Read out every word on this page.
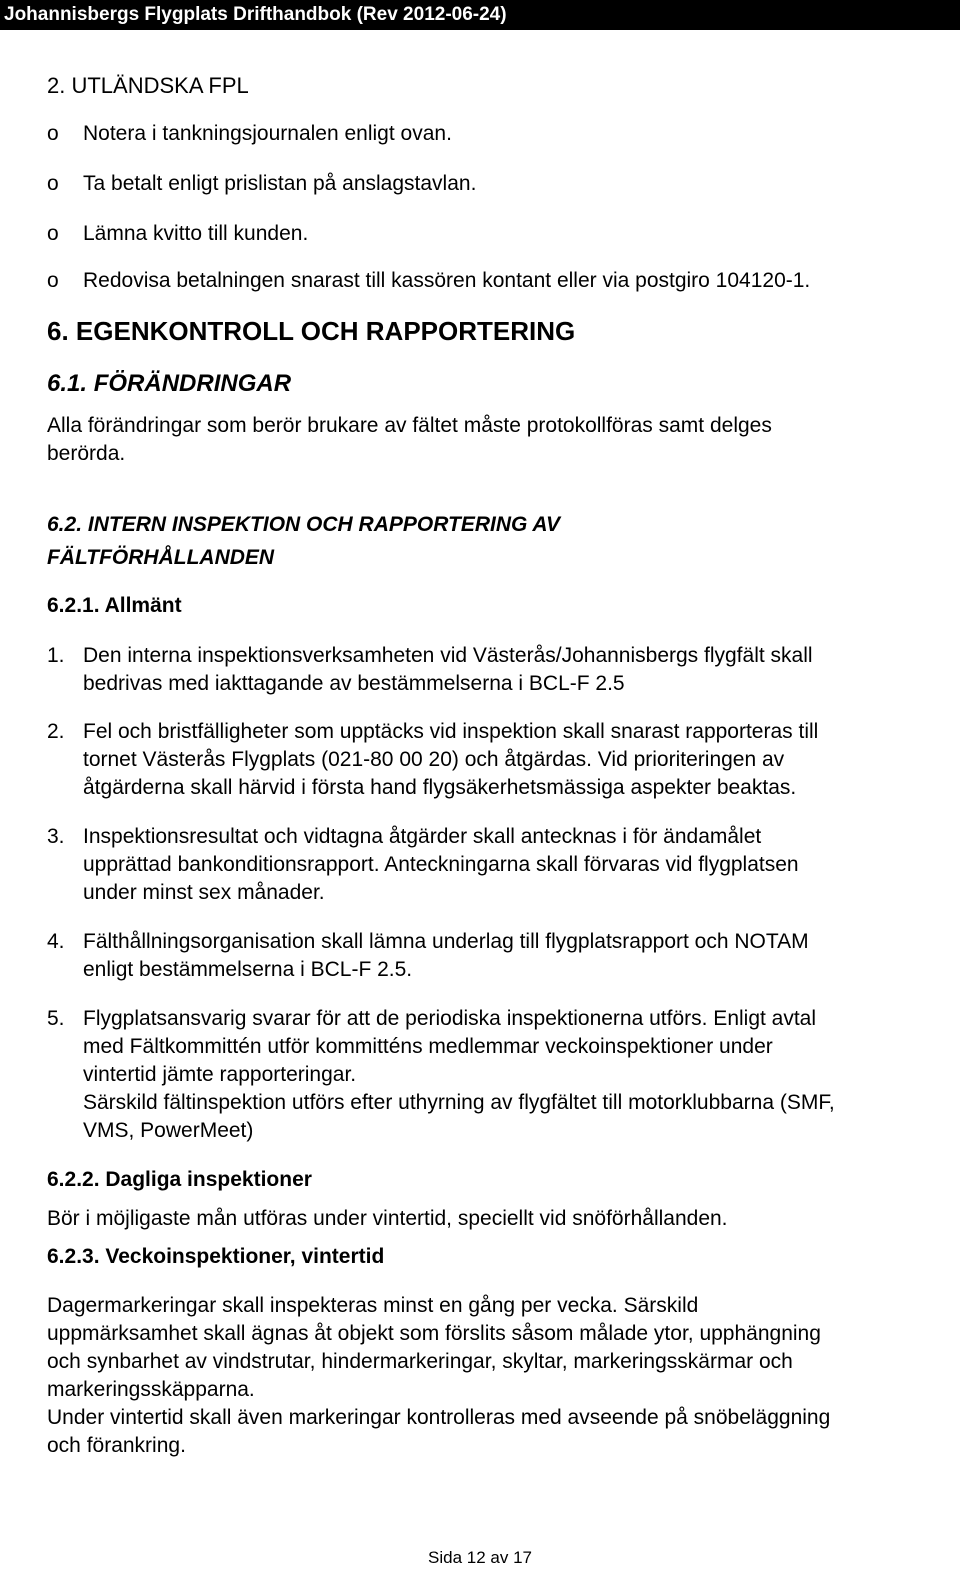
Johannisbergs Flygplats Drifthandbok (Rev 2012-06-24)
2. UTLÄNDSKA FPL
o Notera i tankningsjournalen enligt ovan.
o Ta betalt enligt prislistan på anslagstavlan.
o Lämna kvitto till kunden.
o Redovisa betalningen snarast till kassören kontant eller via postgiro 104120-1.
6. EGENKONTROLL OCH RAPPORTERING
6.1. FÖRÄNDRINGAR
Alla förändringar som berör brukare av fältet måste protokollföras samt delges
berörda.
6.2. INTERN INSPEKTION OCH RAPPORTERING AV
FÄLTFÖRHÅLLANDEN
6.2.1. Allmänt
1. Den interna inspektionsverksamheten vid Västerås/Johannisbergs flygfält skall
bedrivas med iakttagande av bestämmelserna i BCL-F 2.5
2. Fel och bristfälligheter som upptäcks vid inspektion skall snarast rapporteras till
tornet Västerås Flygplats (021-80 00 20) och åtgärdas. Vid prioriteringen av
åtgärderna skall härvid i första hand flygsäkerhetsmässiga aspekter beaktas.
3. Inspektionsresultat och vidtagna åtgärder skall antecknas i för ändamålet
upprättad bankonditionsrapport. Anteckningarna skall förvaras vid flygplatsen
under minst sex månader.
4. Fälthållningsorganisation skall lämna underlag till flygplatsrapport och NOTAM
enligt bestämmelserna i BCL-F 2.5.
5. Flygplatsansvarig svarar för att de periodiska inspektionerna utförs. Enligt avtal
med Fältkommittén utför kommitténs medlemmar veckoinspektioner under
vintertid jämte rapporteringar.
Särskild fältinspektion utförs efter uthyrning av flygfältet till motorklubbarna (SMF,
VMS, PowerMeet)
6.2.2. Dagliga inspektioner
Bör i möjligaste mån utföras under vintertid, speciellt vid snöförhållanden.
6.2.3. Veckoinspektioner, vintertid
Dagermarkeringar skall inspekteras minst en gång per vecka. Särskild
uppmärksamhet skall ägnas åt objekt som förslits såsom målade ytor, upphängning
och synbarhet av vindstrutar, hindermarkeringar, skyltar, markeringsskärmar och
markeringsskäpparna.
Under vintertid skall även markeringar kontrolleras med avseende på snöbeläggning
och förankring.
Sida 12 av 17
